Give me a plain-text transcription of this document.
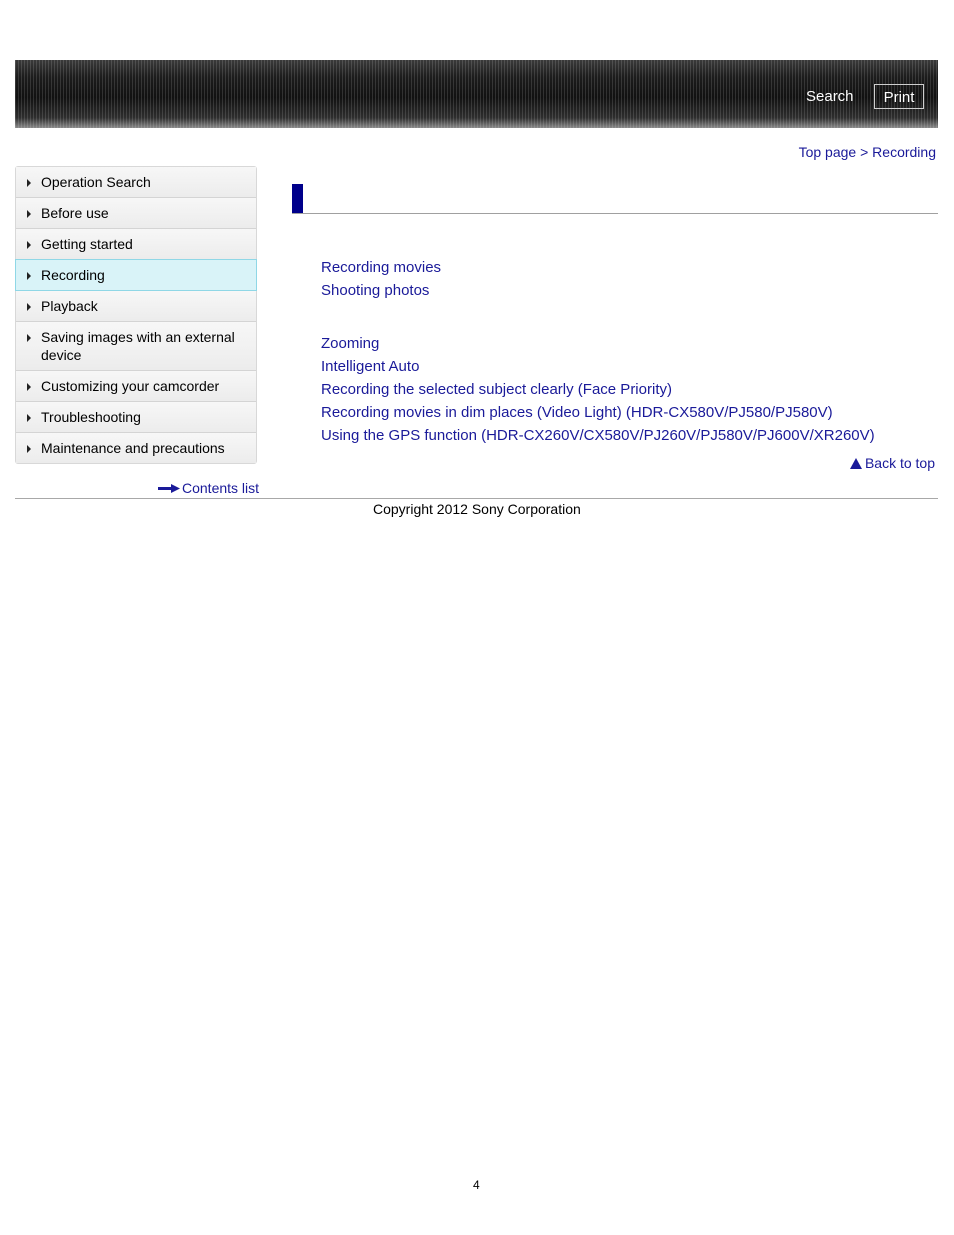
Search	Print
Top page > Recording
Operation Search
Before use
Getting started
Recording
Playback
Saving images with an external device
Customizing your camcorder
Troubleshooting
Maintenance and precautions
Contents list
Recording movies
Shooting photos
Zooming
Intelligent Auto
Recording the selected subject clearly (Face Priority)
Recording movies in dim places (Video Light) (HDR-CX580V/PJ580/PJ580V)
Using the GPS function (HDR-CX260V/CX580V/PJ260V/PJ580V/PJ600V/XR260V)
Back to top
Copyright 2012 Sony Corporation
4
